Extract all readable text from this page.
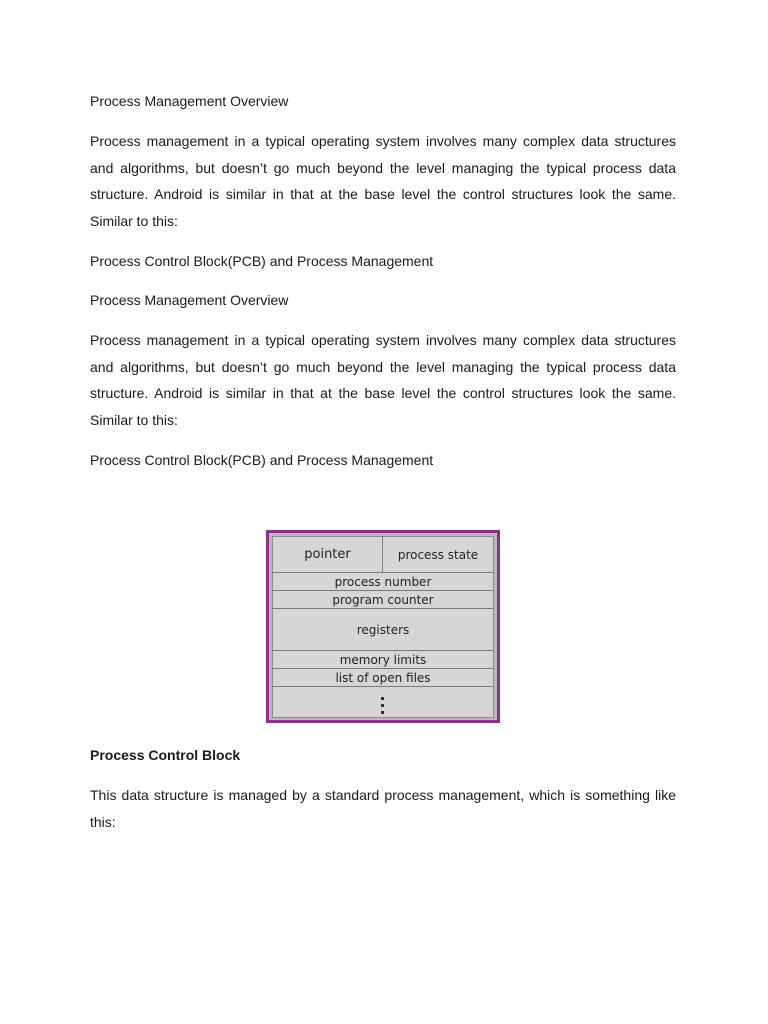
Process Management Overview
Process management in a typical operating system involves many complex data structures and algorithms, but doesn’t go much beyond the level managing the typical process data structure. Android is similar in that at the base level the control structures look the same. Similar to this:
Process Control Block(PCB) and Process Management
Process Management Overview
Process management in a typical operating system involves many complex data structures and algorithms, but doesn’t go much beyond the level managing the typical process data structure. Android is similar in that at the base level the control structures look the same. Similar to this:
Process Control Block(PCB) and Process Management
pointer	process state
process number
program counter
registers
memory limits
list of open files
Process Control Block
This data structure is managed by a standard process management, which is something like this:
